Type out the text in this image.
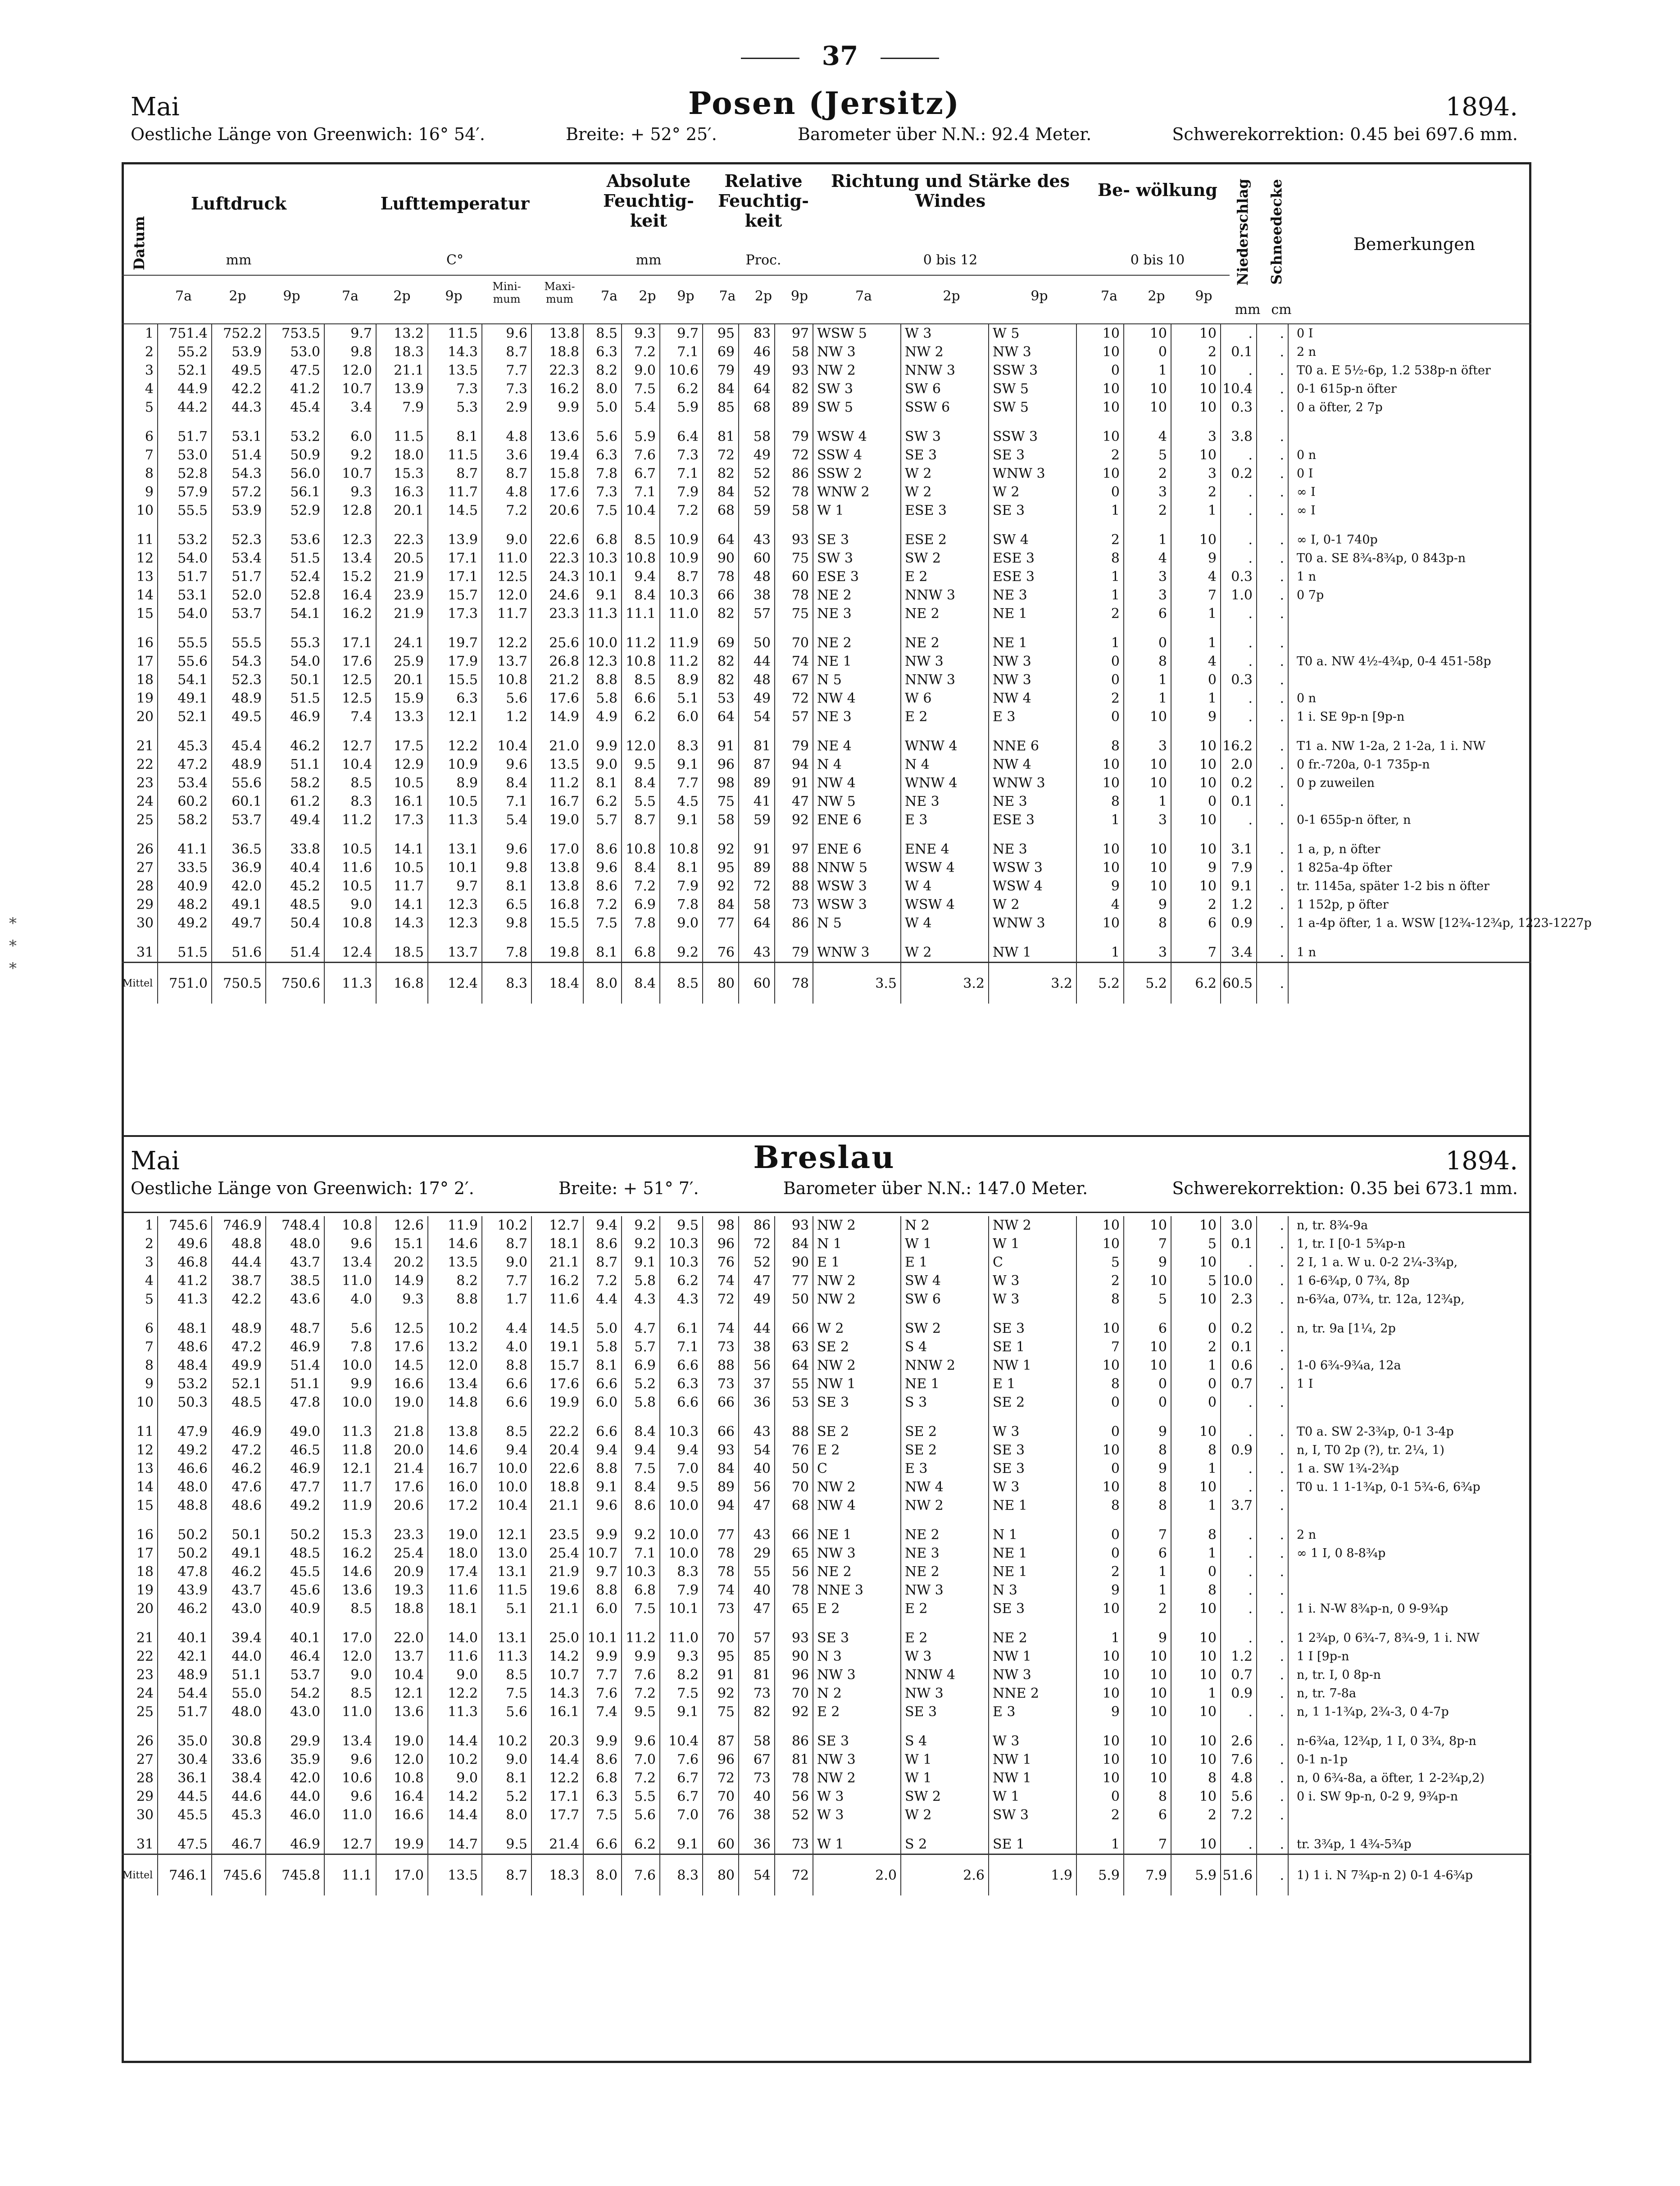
*
*
*
37
Mai	Posen (Jersitz)	1894.
Oestliche Länge von Greenwich: 16° 54′.	Breite: + 52° 25′.	Barometer über N.N.: 92.4 Meter.	Schwerekorrektion: 0.45 bei 697.6 mm.
Datum
Luftdruck
mm
Lufttemperatur
C°
Absolute Feuchtig- keit
mm
Relative Feuchtig- keit
Proc.
Richtung und Stärke des Windes
0 bis 12
Be- wölkung
0 bis 10	Niederschlag
mm
Schneedecke
cm
Bemerkungen
7a	2p	9p	7a	2p	9p
Mini- mum
Maxi- mum	7a	2p	9p	7a	2p	9p	7a	2p	9p	7a	2p	9p
1	751.4	752.2	753.5	9.7	13.2	11.5	9.6	13.8	8.5	9.3	9.7	95	83	97	WSW 5	W 3	W 5	10	10	10	.	.	0 I
2	55.2	53.9	53.0	9.8	18.3	14.3	8.7	18.8	6.3	7.2	7.1	69	46	58	NW 3	NW 2	NW 3	10	0	2	0.1	.	2 n
3	52.1	49.5	47.5	12.0	21.1	13.5	7.7	22.3	8.2	9.0	10.6	79	49	93	NW 2	NNW 3	SSW 3	0	1	10	.	.	T0 a. E 5½-6p, 1.2 538p-n öfter
4	44.9	42.2	41.2	10.7	13.9	7.3	7.3	16.2	8.0	7.5	6.2	84	64	82	SW 3	SW 6	SW 5	10	10	10	10.4	.	0-1 615p-n öfter
5	44.2	44.3	45.4	3.4	7.9	5.3	2.9	9.9	5.0	5.4	5.9	85	68	89	SW 5	SSW 6	SW 5	10	10	10	0.3	.	0 a öfter, 2 7p

6	51.7	53.1	53.2	6.0	11.5	8.1	4.8	13.6	5.6	5.9	6.4	81	58	79	WSW 4	SW 3	SSW 3	10	4	3	3.8	.	
7	53.0	51.4	50.9	9.2	18.0	11.5	3.6	19.4	6.3	7.6	7.3	72	49	72	SSW 4	SE 3	SE 3	2	5	10	.	.	0 n
8	52.8	54.3	56.0	10.7	15.3	8.7	8.7	15.8	7.8	6.7	7.1	82	52	86	SSW 2	W 2	WNW 3	10	2	3	0.2	.	0 I
9	57.9	57.2	56.1	9.3	16.3	11.7	4.8	17.6	7.3	7.1	7.9	84	52	78	WNW 2	W 2	W 2	0	3	2	.	.	∞ I
10	55.5	53.9	52.9	12.8	20.1	14.5	7.2	20.6	7.5	10.4	7.2	68	59	58	W 1	ESE 3	SE 3	1	2	1	.	.	∞ I

11	53.2	52.3	53.6	12.3	22.3	13.9	9.0	22.6	6.8	8.5	10.9	64	43	93	SE 3	ESE 2	SW 4	2	1	10	.	.	∞ I, 0-1 740p
12	54.0	53.4	51.5	13.4	20.5	17.1	11.0	22.3	10.3	10.8	10.9	90	60	75	SW 3	SW 2	ESE 3	8	4	9	.	.	T0 a. SE 8¾-8¾p, 0 843p-n
13	51.7	51.7	52.4	15.2	21.9	17.1	12.5	24.3	10.1	9.4	8.7	78	48	60	ESE 3	E 2	ESE 3	1	3	4	0.3	.	1 n
14	53.1	52.0	52.8	16.4	23.9	15.7	12.0	24.6	9.1	8.4	10.3	66	38	78	NE 2	NNW 3	NE 3	1	3	7	1.0	.	0 7p
15	54.0	53.7	54.1	16.2	21.9	17.3	11.7	23.3	11.3	11.1	11.0	82	57	75	NE 3	NE 2	NE 1	2	6	1	.	.	

16	55.5	55.5	55.3	17.1	24.1	19.7	12.2	25.6	10.0	11.2	11.9	69	50	70	NE 2	NE 2	NE 1	1	0	1	.	.	
17	55.6	54.3	54.0	17.6	25.9	17.9	13.7	26.8	12.3	10.8	11.2	82	44	74	NE 1	NW 3	NW 3	0	8	4	.	.	T0 a. NW 4½-4¾p, 0-4 451-58p
18	54.1	52.3	50.1	12.5	20.1	15.5	10.8	21.2	8.8	8.5	8.9	82	48	67	N 5	NNW 3	NW 3	0	1	0	0.3	.	
19	49.1	48.9	51.5	12.5	15.9	6.3	5.6	17.6	5.8	6.6	5.1	53	49	72	NW 4	W 6	NW 4	2	1	1	.	.	0 n
20	52.1	49.5	46.9	7.4	13.3	12.1	1.2	14.9	4.9	6.2	6.0	64	54	57	NE 3	E 2	E 3	0	10	9	.	.	1 i. SE 9p-n [9p-n

21	45.3	45.4	46.2	12.7	17.5	12.2	10.4	21.0	9.9	12.0	8.3	91	81	79	NE 4	WNW 4	NNE 6	8	3	10	16.2	.	T1 a. NW 1-2a, 2 1-2a, 1 i. NW
22	47.2	48.9	51.1	10.4	12.9	10.9	9.6	13.5	9.0	9.5	9.1	96	87	94	N 4	N 4	NW 4	10	10	10	2.0	.	0 fr.-720a, 0-1 735p-n
23	53.4	55.6	58.2	8.5	10.5	8.9	8.4	11.2	8.1	8.4	7.7	98	89	91	NW 4	WNW 4	WNW 3	10	10	10	0.2	.	0 p zuweilen
24	60.2	60.1	61.2	8.3	16.1	10.5	7.1	16.7	6.2	5.5	4.5	75	41	47	NW 5	NE 3	NE 3	8	1	0	0.1	.	
25	58.2	53.7	49.4	11.2	17.3	11.3	5.4	19.0	5.7	8.7	9.1	58	59	92	ENE 6	E 3	ESE 3	1	3	10	.	.	0-1 655p-n öfter, n

26	41.1	36.5	33.8	10.5	14.1	13.1	9.6	17.0	8.6	10.8	10.8	92	91	97	ENE 6	ENE 4	NE 3	10	10	10	3.1	.	1 a, p, n öfter
27	33.5	36.9	40.4	11.6	10.5	10.1	9.8	13.8	9.6	8.4	8.1	95	89	88	NNW 5	WSW 4	WSW 3	10	10	9	7.9	.	1 825a-4p öfter
28	40.9	42.0	45.2	10.5	11.7	9.7	8.1	13.8	8.6	7.2	7.9	92	72	88	WSW 3	W 4	WSW 4	9	10	10	9.1	.	tr. 1145a, später 1-2 bis n öfter
29	48.2	49.1	48.5	9.0	14.1	12.3	6.5	16.8	7.2	6.9	7.8	84	58	73	WSW 3	WSW 4	W 2	4	9	2	1.2	.	1 152p, p öfter
30	49.2	49.7	50.4	10.8	14.3	12.3	9.8	15.5	7.5	7.8	9.0	77	64	86	N 5	W 4	WNW 3	10	8	6	0.9	.	1 a-4p öfter, 1 a. WSW [12¾-12¾p, 1223-1227p

31	51.5	51.6	51.4	12.4	18.5	13.7	7.8	19.8	8.1	6.8	9.2	76	43	79	WNW 3	W 2	NW 1	1	3	7	3.4	.	1 n
Mittel	751.0	750.5	750.6	11.3	16.8	12.4	8.3	18.4	8.0	8.4	8.5	80	60	78	3.5	3.2	3.2	5.2	5.2	6.2	60.5	.	
Mai	Breslau	1894.
Oestliche Länge von Greenwich: 17° 2′.	Breite: + 51° 7′.	Barometer über N.N.: 147.0 Meter.	Schwerekorrektion: 0.35 bei 673.1 mm.
1	745.6	746.9	748.4	10.8	12.6	11.9	10.2	12.7	9.4	9.2	9.5	98	86	93	NW 2	N 2	NW 2	10	10	10	3.0	.	n, tr. 8¾-9a
2	49.6	48.8	48.0	9.6	15.1	14.6	8.7	18.1	8.6	9.2	10.3	96	72	84	N 1	W 1	W 1	10	7	5	0.1	.	1, tr. I [0-1 5¾p-n
3	46.8	44.4	43.7	13.4	20.2	13.5	9.0	21.1	8.7	9.1	10.3	76	52	90	E 1	E 1	C	5	9	10	.	.	2 I, 1 a. W u. 0-2 2¼-3¾p,
4	41.2	38.7	38.5	11.0	14.9	8.2	7.7	16.2	7.2	5.8	6.2	74	47	77	NW 2	SW 4	W 3	2	10	5	10.0	.	1 6-6¾p, 0 7¾, 8p
5	41.3	42.2	43.6	4.0	9.3	8.8	1.7	11.6	4.4	4.3	4.3	72	49	50	NW 2	SW 6	W 3	8	5	10	2.3	.	n-6¾a, 07¾, tr. 12a, 12¾p,

6	48.1	48.9	48.7	5.6	12.5	10.2	4.4	14.5	5.0	4.7	6.1	74	44	66	W 2	SW 2	SE 3	10	6	0	0.2	.	n, tr. 9a [1¼, 2p
7	48.6	47.2	46.9	7.8	17.6	13.2	4.0	19.1	5.8	5.7	7.1	73	38	63	SE 2	S 4	SE 1	7	10	2	0.1	.	
8	48.4	49.9	51.4	10.0	14.5	12.0	8.8	15.7	8.1	6.9	6.6	88	56	64	NW 2	NNW 2	NW 1	10	10	1	0.6	.	1-0 6¾-9¾a, 12a
9	53.2	52.1	51.1	9.9	16.6	13.4	6.6	17.6	6.6	5.2	6.3	73	37	55	NW 1	NE 1	E 1	8	0	0	0.7	.	1 I
10	50.3	48.5	47.8	10.0	19.0	14.8	6.6	19.9	6.0	5.8	6.6	66	36	53	SE 3	S 3	SE 2	0	0	0	.	.	

11	47.9	46.9	49.0	11.3	21.8	13.8	8.5	22.2	6.6	8.4	10.3	66	43	88	SE 2	SE 2	W 3	0	9	10	.	.	T0 a. SW 2-3¾p, 0-1 3-4p
12	49.2	47.2	46.5	11.8	20.0	14.6	9.4	20.4	9.4	9.4	9.4	93	54	76	E 2	SE 2	SE 3	10	8	8	0.9	.	n, I, T0 2p (?), tr. 2¼, 1)
13	46.6	46.2	46.9	12.1	21.4	16.7	10.0	22.6	8.8	7.5	7.0	84	40	50	C	E 3	SE 3	0	9	1	.	.	1 a. SW 1¾-2¾p
14	48.0	47.6	47.7	11.7	17.6	16.0	10.0	18.8	9.1	8.4	9.5	89	56	70	NW 2	NW 4	W 3	10	8	10	.	.	T0 u. 1 1-1¾p, 0-1 5¾-6, 6¾p
15	48.8	48.6	49.2	11.9	20.6	17.2	10.4	21.1	9.6	8.6	10.0	94	47	68	NW 4	NW 2	NE 1	8	8	1	3.7	.	

16	50.2	50.1	50.2	15.3	23.3	19.0	12.1	23.5	9.9	9.2	10.0	77	43	66	NE 1	NE 2	N 1	0	7	8	.	.	2 n
17	50.2	49.1	48.5	16.2	25.4	18.0	13.0	25.4	10.7	7.1	10.0	78	29	65	NW 3	NE 3	NE 1	0	6	1	.	.	∞ 1 I, 0 8-8¾p
18	47.8	46.2	45.5	14.6	20.9	17.4	13.1	21.9	9.7	10.3	8.3	78	55	56	NE 2	NE 2	NE 1	2	1	0	.	.	
19	43.9	43.7	45.6	13.6	19.3	11.6	11.5	19.6	8.8	6.8	7.9	74	40	78	NNE 3	NW 3	N 3	9	1	8	.	.	
20	46.2	43.0	40.9	8.5	18.8	18.1	5.1	21.1	6.0	7.5	10.1	73	47	65	E 2	E 2	SE 3	10	2	10	.	.	1 i. N-W 8¾p-n, 0 9-9¾p

21	40.1	39.4	40.1	17.0	22.0	14.0	13.1	25.0	10.1	11.2	11.0	70	57	93	SE 3	E 2	NE 2	1	9	10	.	.	1 2¾p, 0 6¾-7, 8¾-9, 1 i. NW
22	42.1	44.0	46.4	12.0	13.7	11.6	11.3	14.2	9.9	9.9	9.3	95	85	90	N 3	W 3	NW 1	10	10	10	1.2	.	1 I [9p-n
23	48.9	51.1	53.7	9.0	10.4	9.0	8.5	10.7	7.7	7.6	8.2	91	81	96	NW 3	NNW 4	NW 3	10	10	10	0.7	.	n, tr. I, 0 8p-n
24	54.4	55.0	54.2	8.5	12.1	12.2	7.5	14.3	7.6	7.2	7.5	92	73	70	N 2	NW 3	NNE 2	10	10	1	0.9	.	n, tr. 7-8a
25	51.7	48.0	43.0	11.0	13.6	11.3	5.6	16.1	7.4	9.5	9.1	75	82	92	E 2	SE 3	E 3	9	10	10	.	.	n, 1 1-1¾p, 2¾-3, 0 4-7p

26	35.0	30.8	29.9	13.4	19.0	14.4	10.2	20.3	9.9	9.6	10.4	87	58	86	SE 3	S 4	W 3	10	10	10	2.6	.	n-6¾a, 12¾p, 1 I, 0 3¾, 8p-n
27	30.4	33.6	35.9	9.6	12.0	10.2	9.0	14.4	8.6	7.0	7.6	96	67	81	NW 3	W 1	NW 1	10	10	10	7.6	.	0-1 n-1p
28	36.1	38.4	42.0	10.6	10.8	9.0	8.1	12.2	6.8	7.2	6.7	72	73	78	NW 2	W 1	NW 1	10	10	8	4.8	.	n, 0 6¾-8a, a öfter, 1 2-2¾p,2)
29	44.5	44.6	44.0	9.6	16.4	14.2	5.2	17.1	6.3	5.5	6.7	70	40	56	W 3	SW 2	W 1	0	8	10	5.6	.	0 i. SW 9p-n, 0-2 9, 9¾p-n
30	45.5	45.3	46.0	11.0	16.6	14.4	8.0	17.7	7.5	5.6	7.0	76	38	52	W 3	W 2	SW 3	2	6	2	7.2	.	

31	47.5	46.7	46.9	12.7	19.9	14.7	9.5	21.4	6.6	6.2	9.1	60	36	73	W 1	S 2	SE 1	1	7	10	.	.	tr. 3¾p, 1 4¾-5¾p
Mittel	746.1	745.6	745.8	11.1	17.0	13.5	8.7	18.3	8.0	7.6	8.3	80	54	72	2.0	2.6	1.9	5.9	7.9	5.9	51.6	.	1) 1 i. N 7¾p-n 2) 0-1 4-6¾p
